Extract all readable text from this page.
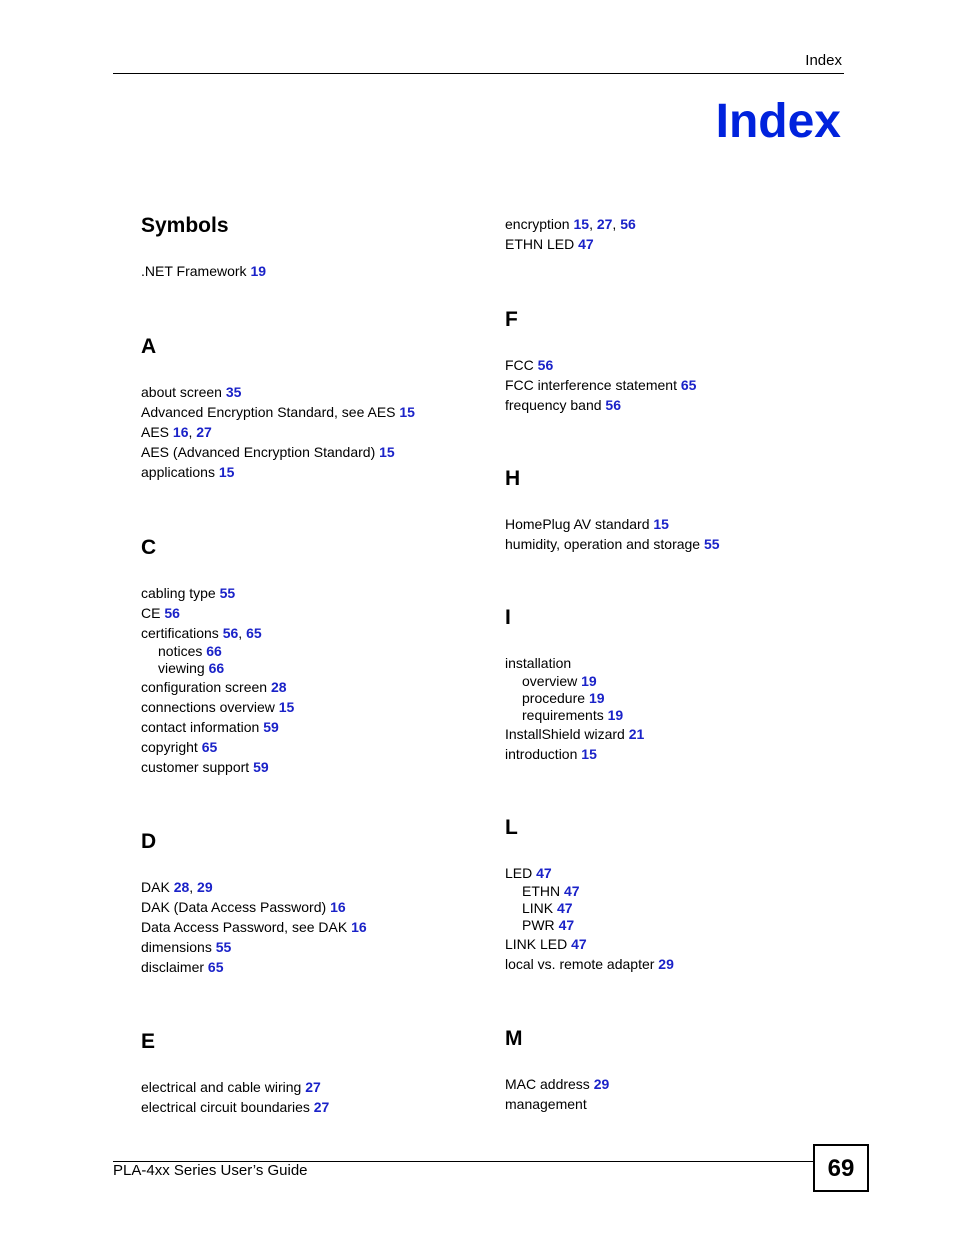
Index
Index
Symbols
.NET Framework 19
A
about screen 35
Advanced Encryption Standard, see AES 15
AES 16, 27
AES (Advanced Encryption Standard) 15
applications 15
C
cabling type 55
CE 56
certifications 56, 65
notices 66
viewing 66
configuration screen 28
connections overview 15
contact information 59
copyright 65
customer support 59
D
DAK 28, 29
DAK (Data Access Password) 16
Data Access Password, see DAK 16
dimensions 55
disclaimer 65
E
electrical and cable wiring 27
electrical circuit boundaries 27
encryption 15, 27, 56
ETHN LED 47
F
FCC 56
FCC interference statement 65
frequency band 56
H
HomePlug AV standard 15
humidity, operation and storage 55
I
installation
overview 19
procedure 19
requirements 19
InstallShield wizard 21
introduction 15
L
LED 47
ETHN 47
LINK 47
PWR 47
LINK LED 47
local vs. remote adapter 29
M
MAC address 29
management
PLA-4xx Series User’s Guide	69
